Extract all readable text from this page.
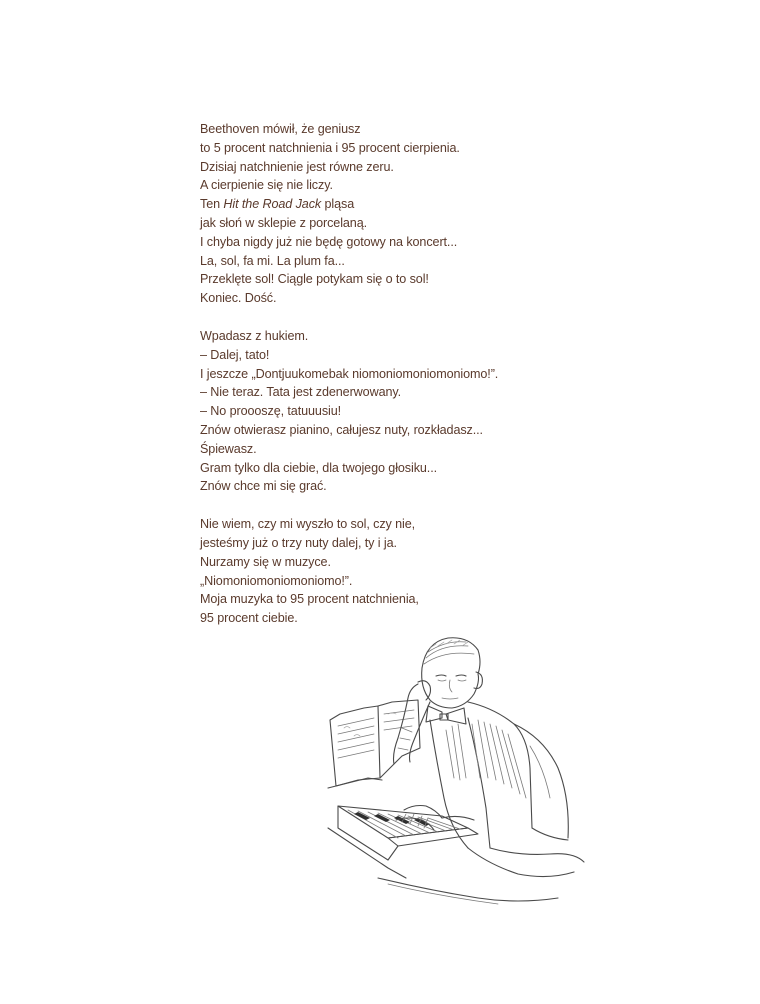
Beethoven mówił, że geniusz
to 5 procent natchnienia i 95 procent cierpienia.
Dzisiaj natchnienie jest równe zeru.
A cierpienie się nie liczy.
Ten Hit the Road Jack pląsa
jak słoń w sklepie z porcelaną.
I chyba nigdy już nie będę gotowy na koncert...
La, sol, fa mi. La plum fa...
Przeklęte sol! Ciągle potykam się o to sol!
Koniec. Dość.
Wpadasz z hukiem.
– Dalej, tato!
I jeszcze „Dontjuukomebak niomoniomoniomoniomo!”.
– Nie teraz. Tata jest zdenerwowany.
– No proooszę, tatuuusiu!
Znów otwierasz pianino, całujesz nuty, rozkładasz...
Śpiewasz.
Gram tylko dla ciebie, dla twojego głosiku...
Znów chce mi się grać.
Nie wiem, czy mi wyszło to sol, czy nie,
jesteśmy już o trzy nuty dalej, ty i ja.
Nurzamy się w muzyce.
„Niomoniomoniomoniomo!”.
Moja muzyka to 95 procent natchnienia,
95 procent ciebie.
